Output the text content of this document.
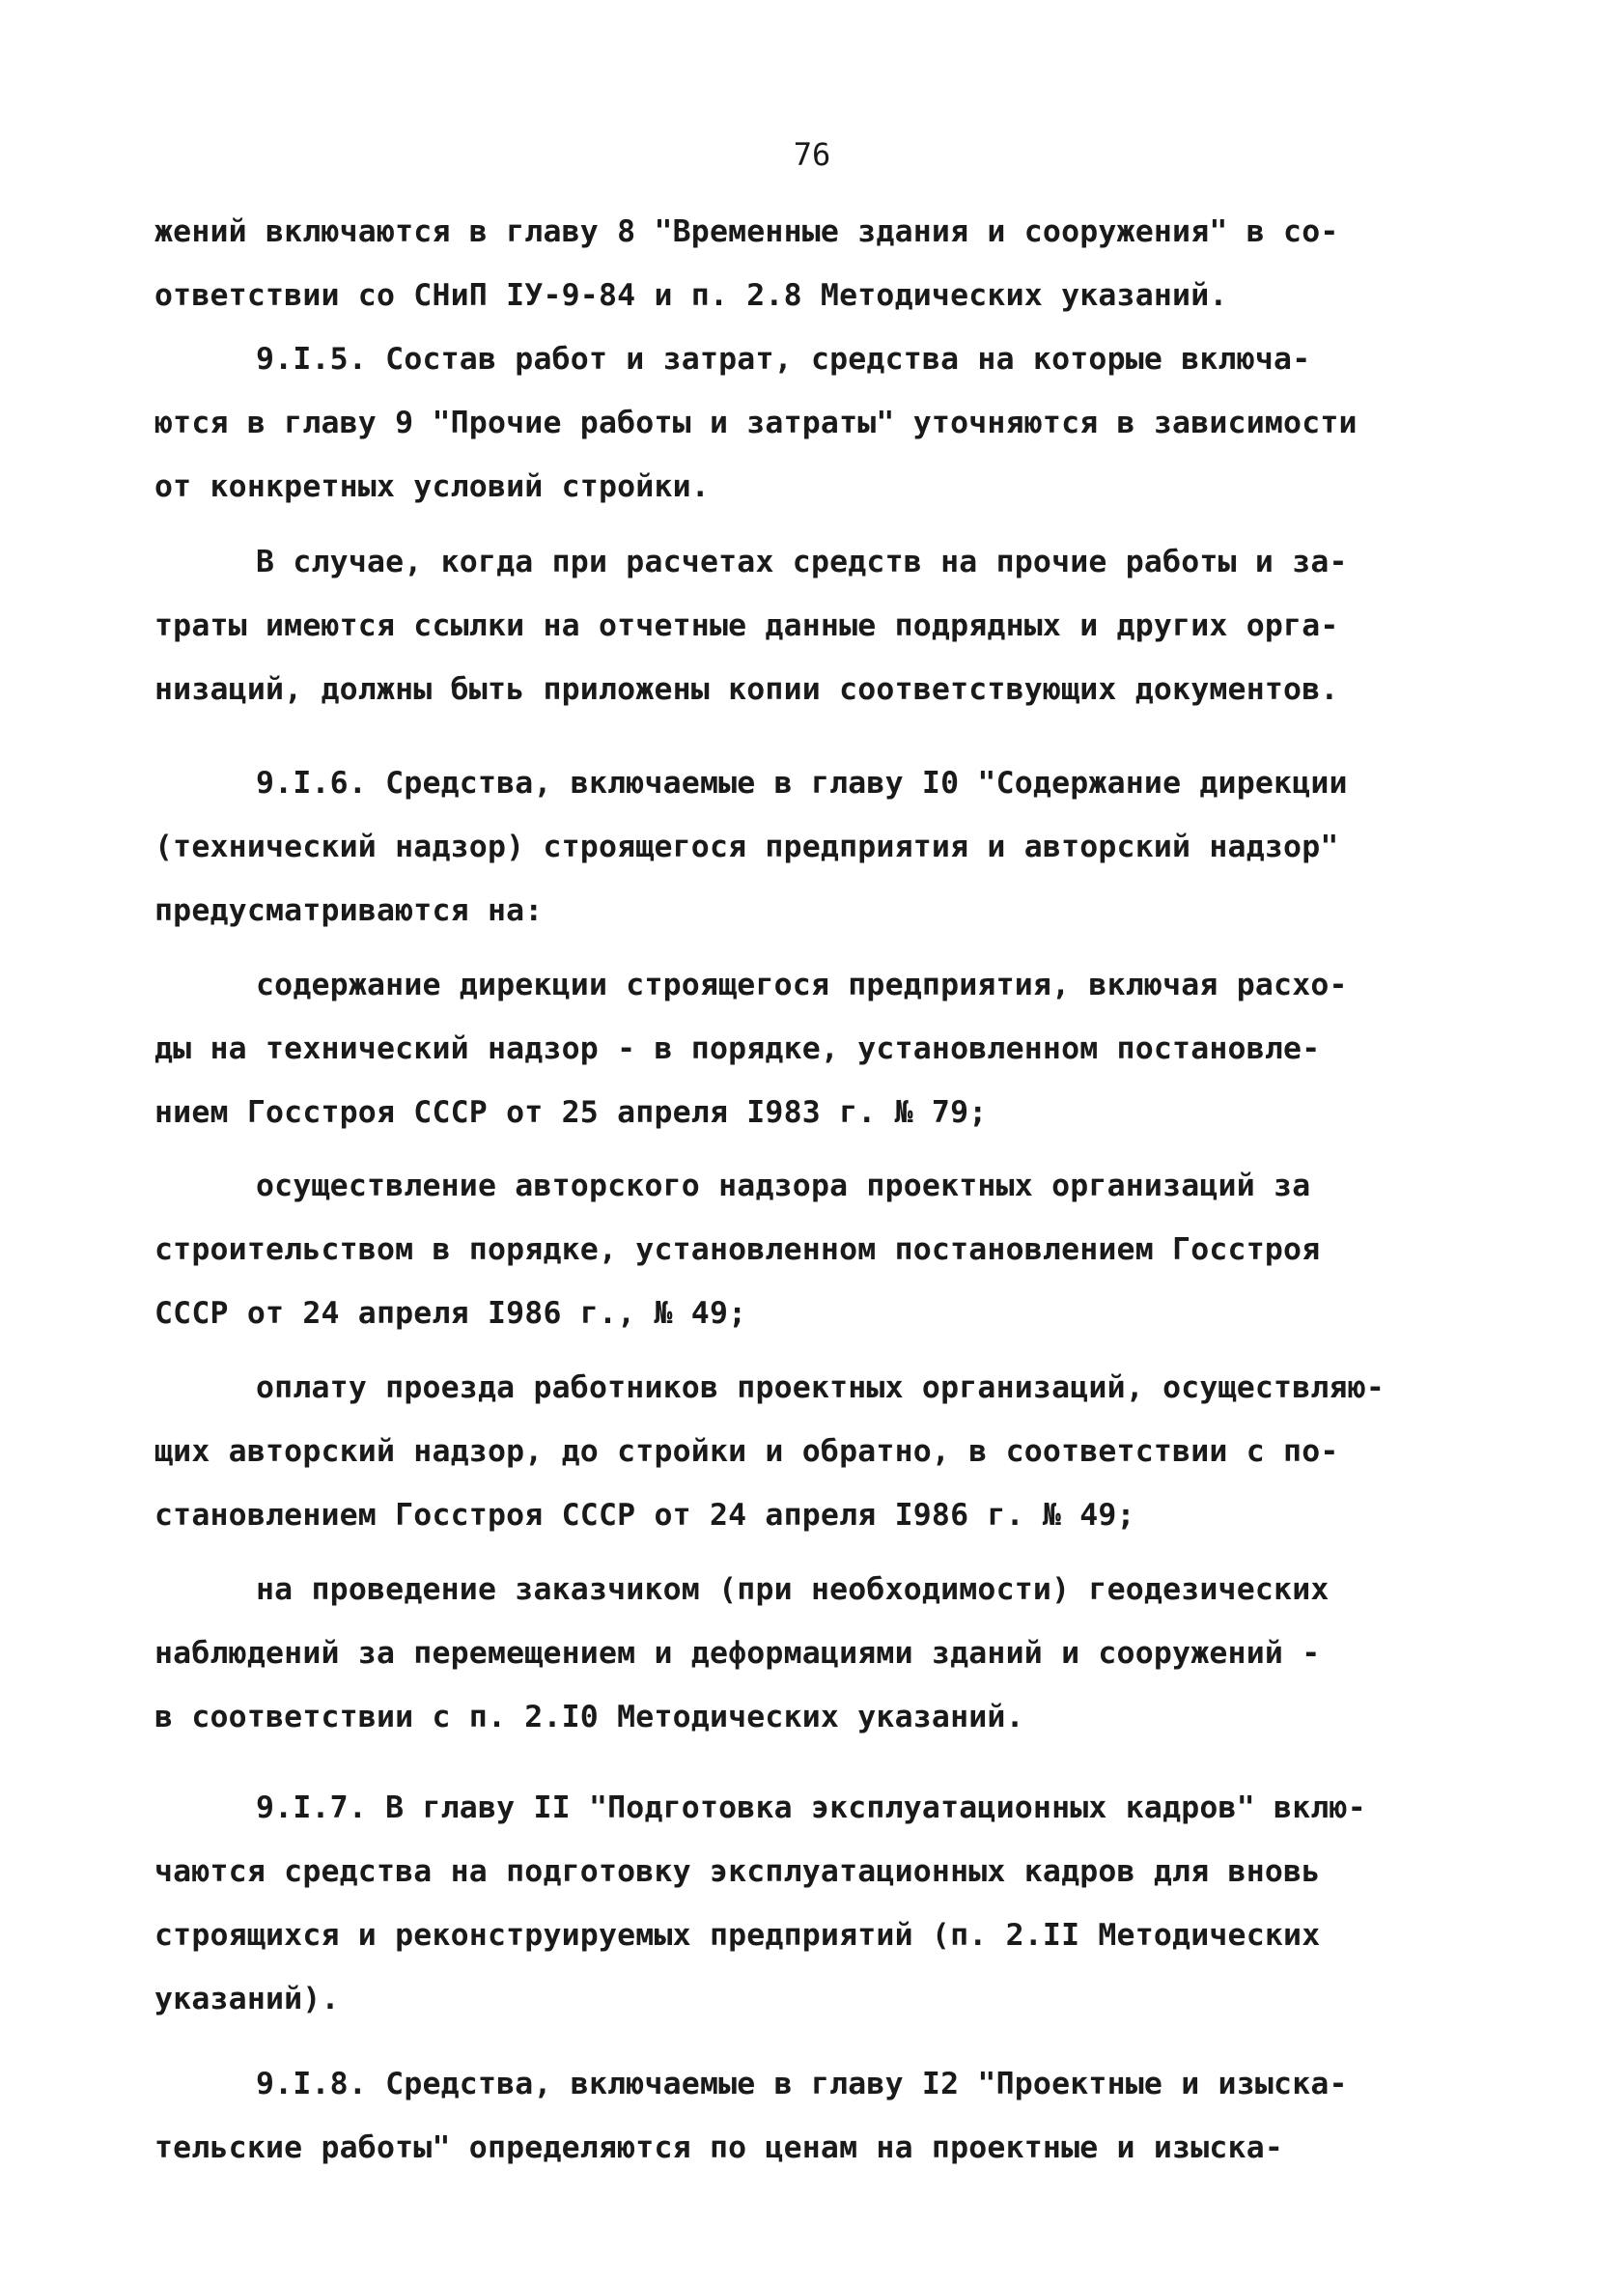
76
жений включаются в главу 8 "Временные здания и сооружения" в со-
ответствии со СНиП IУ-9-84 и п. 2.8 Методических указаний.
9.I.5. Состав работ и затрат, средства на которые включа-
ются в главу 9 "Прочие работы и затраты" уточняются в зависимости
от конкретных условий стройки.
В случае, когда при расчетах средств на прочие работы и за-
траты имеются ссылки на отчетные данные подрядных и других орга-
низаций, должны быть приложены копии соответствующих документов.
9.I.6. Средства, включаемые в главу I0 "Содержание дирекции
(технический надзор) строящегося предприятия и авторский надзор"
предусматриваются на:
содержание дирекции строящегося предприятия, включая расхо-
ды на технический надзор - в порядке, установленном постановле-
нием Госстроя СССР от 25 апреля I983 г. № 79;
осуществление авторского надзора проектных организаций за
строительством в порядке, установленном постановлением Госстроя
СССР от 24 апреля I986 г., № 49;
оплату проезда работников проектных организаций, осуществляю-
щих авторский надзор, до стройки и обратно, в соответствии с по-
становлением Госстроя СССР от 24 апреля I986 г. № 49;
на проведение заказчиком (при необходимости) геодезических
наблюдений за перемещением и деформациями зданий и сооружений -
в соответствии с п. 2.I0 Методических указаний.
9.I.7. В главу II "Подготовка эксплуатационных кадров" вклю-
чаются средства на подготовку эксплуатационных кадров для вновь
строящихся и реконструируемых предприятий (п. 2.II Методических
указаний).
9.I.8. Средства, включаемые в главу I2 "Проектные и изыска-
тельские работы" определяются по ценам на проектные и изыска-
